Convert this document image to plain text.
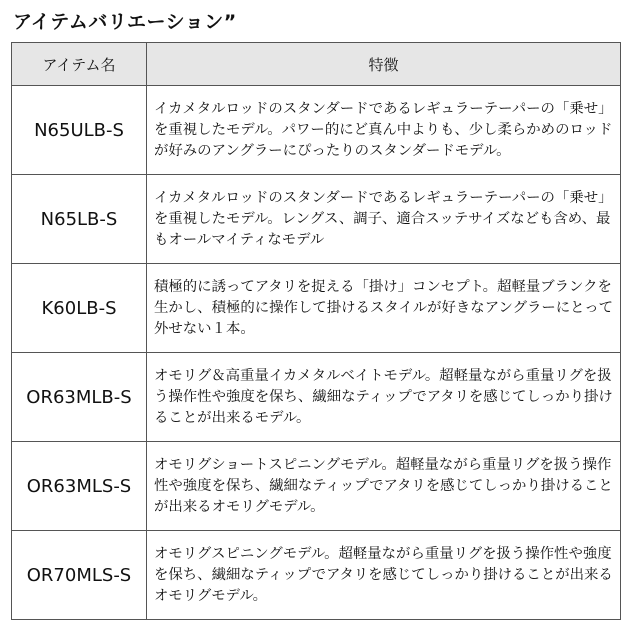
アイテムバリエーション”
アイテム名	特徴
N65ULB-S	イカメタルロッドのスタンダードであるレギュラーテーパーの「乗せ」を重視したモデル。パワー的にど真ん中よりも、少し柔らかめのロッドが好みのアングラーにぴったりのスタンダードモデル。
N65LB-S	イカメタルロッドのスタンダードであるレギュラーテーパーの「乗せ」を重視したモデル。レングス、調子、適合スッテサイズなども含め、最もオールマイティなモデル
K60LB-S	積極的に誘ってアタリを捉える「掛け」コンセプト。超軽量ブランクを生かし、積極的に操作して掛けるスタイルが好きなアングラーにとって外せない１本。
OR63MLB-S	オモリグ＆高重量イカメタルベイトモデル。超軽量ながら重量リグを扱う操作性や強度を保ち、繊細なティップでアタリを感じてしっかり掛けることが出来るモデル。
OR63MLS-S	オモリグショートスピニングモデル。超軽量ながら重量リグを扱う操作性や強度を保ち、繊細なティップでアタリを感じてしっかり掛けることが出来るオモリグモデル。
OR70MLS-S	オモリグスピニングモデル。超軽量ながら重量リグを扱う操作性や強度を保ち、繊細なティップでアタリを感じてしっかり掛けることが出来るオモリグモデル。
